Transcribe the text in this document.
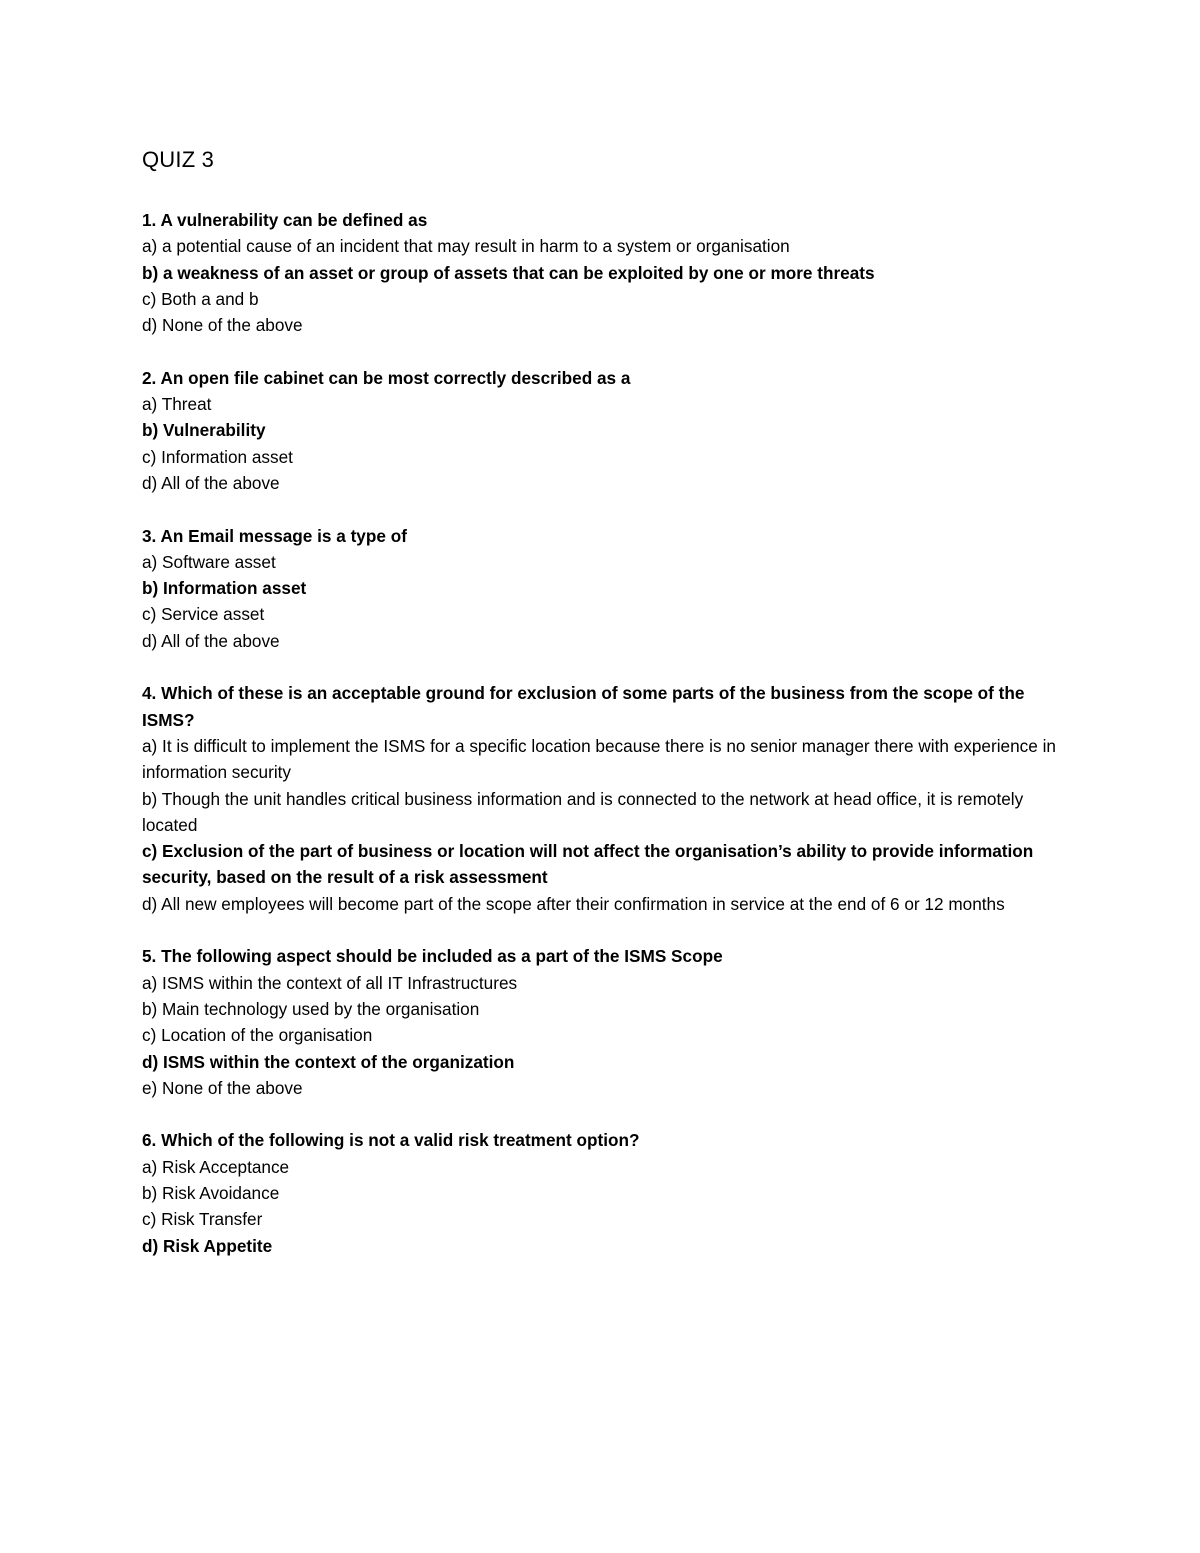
QUIZ 3
1. A vulnerability can be defined as
a) a potential cause of an incident that may result in harm to a system or organisation
b) a weakness of an asset or group of assets that can be exploited by one or more threats
c) Both a and b
d) None of the above
2. An open file cabinet can be most correctly described as a
a) Threat
b) Vulnerability
c) Information asset
d) All of the above
3. An Email message is a type of
a) Software asset
b) Information asset
c) Service asset
d) All of the above
4. Which of these is an acceptable ground for exclusion of some parts of the business from the scope of the ISMS?
a) It is difficult to implement the ISMS for a specific location because there is no senior manager there with experience in information security
b) Though the unit handles critical business information and is connected to the network at head office, it is remotely located
c) Exclusion of the part of business or location will not affect the organisation’s ability to provide information security, based on the result of a risk assessment
d) All new employees will become part of the scope after their confirmation in service at the end of 6 or 12 months
5. The following aspect should be included as a part of the ISMS Scope
a) ISMS within the context of all IT Infrastructures
b) Main technology used by the organisation
c) Location of the organisation
d) ISMS within the context of the organization
e) None of the above
6. Which of the following is not a valid risk treatment option?
a) Risk Acceptance
b) Risk Avoidance
c) Risk Transfer
d) Risk Appetite
